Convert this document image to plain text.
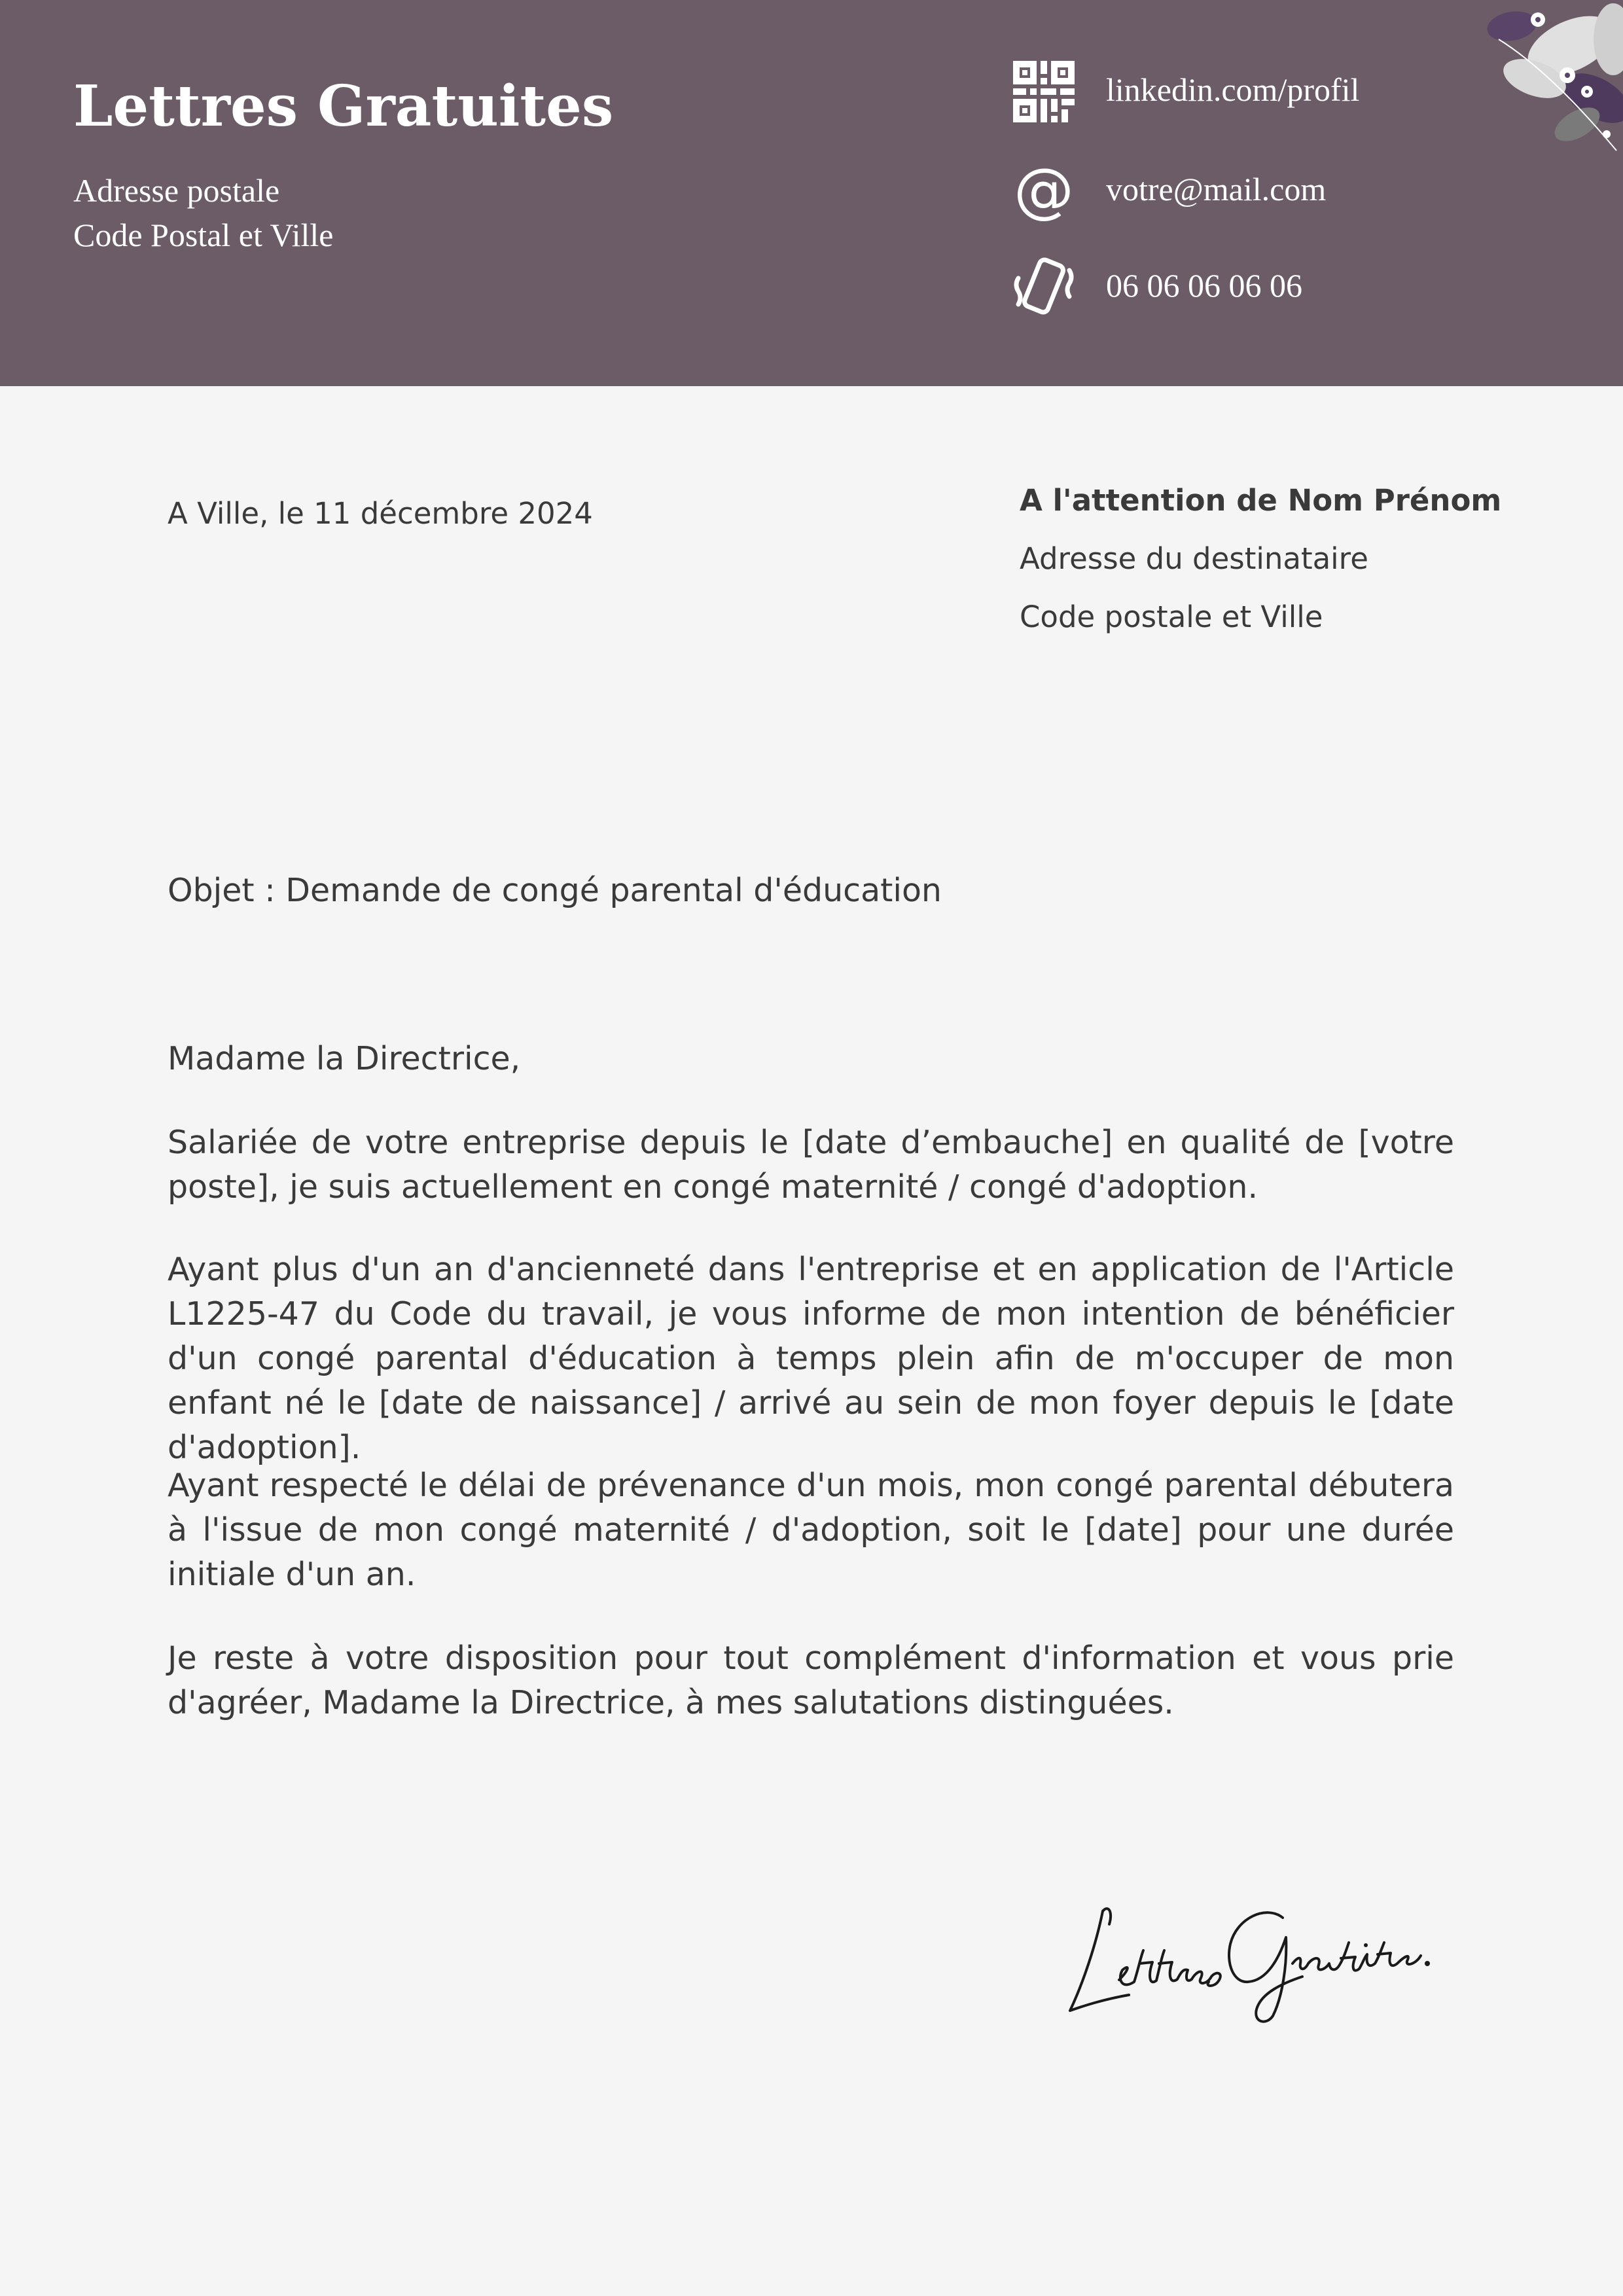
Lettres Gratuites
Adresse postale
Code Postal et Ville
linkedin.com/profil
@ votre@mail.com
06 06 06 06 06
A Ville, le 11 décembre 2024	A l'attention de Nom Prénom
Adresse du destinataire
Code postale et Ville
Objet : Demande de congé parental d'éducation
Madame la Directrice,
Salariée de votre entreprise depuis le [date d’embauche] en qualité de [votre poste], je suis actuellement en congé maternité / congé d'adoption.
Ayant plus d'un an d'ancienneté dans l'entreprise et en application de l'Article L1225-47 du Code du travail, je vous informe de mon intention de bénéficier d'un congé parental d'éducation à temps plein afin de m'occuper de mon enfant né le [date de naissance] / arrivé au sein de mon foyer depuis le [date d'adoption].
Ayant respecté le délai de prévenance d'un mois, mon congé parental débutera à l'issue de mon congé maternité / d'adoption, soit le [date] pour une durée initiale d'un an.
Je reste à votre disposition pour tout complément d'information et vous prie d'agréer, Madame la Directrice, à mes salutations distinguées.
